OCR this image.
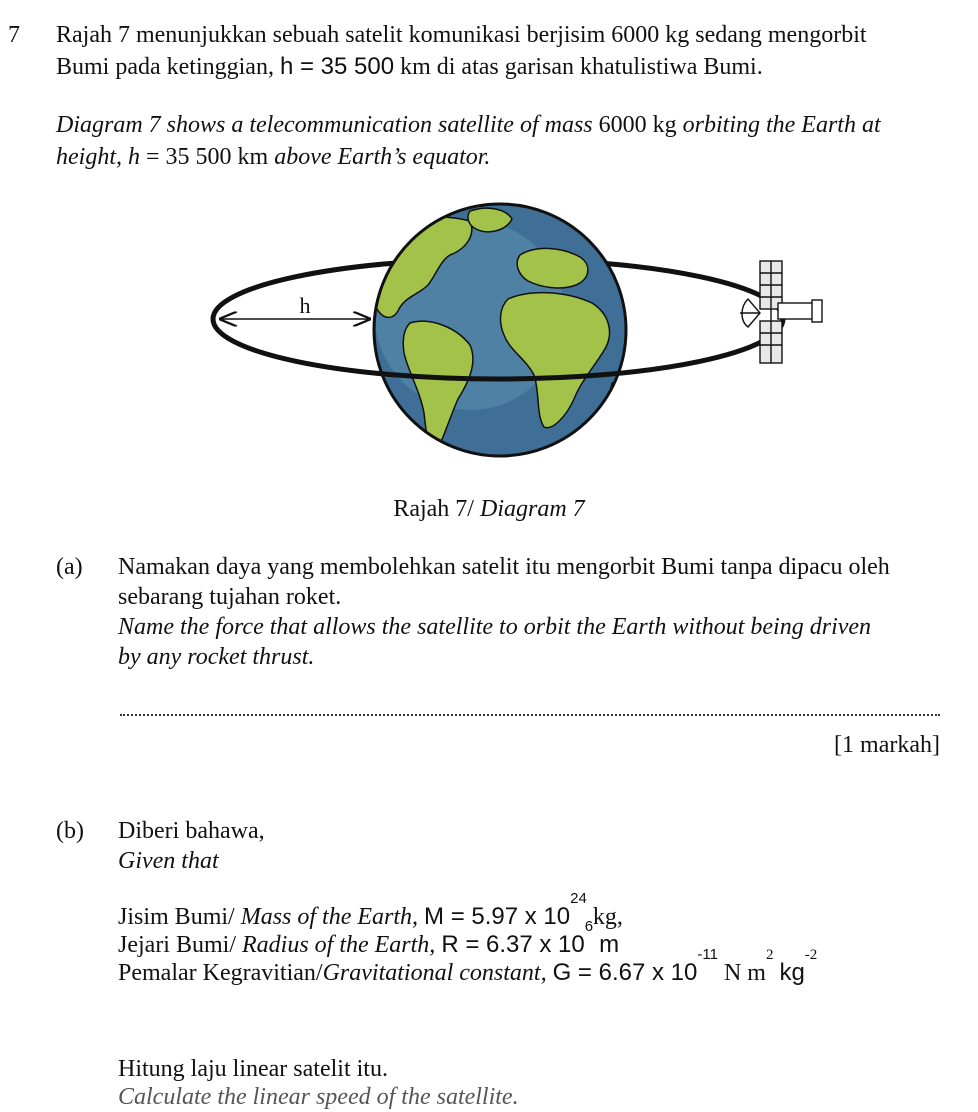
7 Rajah 7 menunjukkan sebuah satelit komunikasi berjisim 6000 kg sedang mengorbit
Bumi pada ketinggian, h = 35 500 km di atas garisan khatulistiwa Bumi.
Diagram 7 shows a telecommunication satellite of mass 6000 kg orbiting the Earth at
height, h = 35 500 km above Earth’s equator.
h
Rajah 7/ Diagram 7
(a) Namakan daya yang membolehkan satelit itu mengorbit Bumi tanpa dipacu oleh
sebarang tujahan roket.
Name the force that allows the satellite to orbit the Earth without being driven
by any rocket thrust.
[1 markah]
(b) Diberi bahawa,
Given that
Jisim Bumi/ Mass of the Earth, M = 5.97 x $10^{24}$ kg,
Jejari Bumi/ Radius of the Earth, R = 6.37 x $10^6$ m
Pemalar Kegravitian/Gravitational constant, G = 6.67 x $10^{-11}$ N $m^2$ $kg^{-2}$
Hitung laju linear satelit itu.
Calculate the linear speed of the satellite.
